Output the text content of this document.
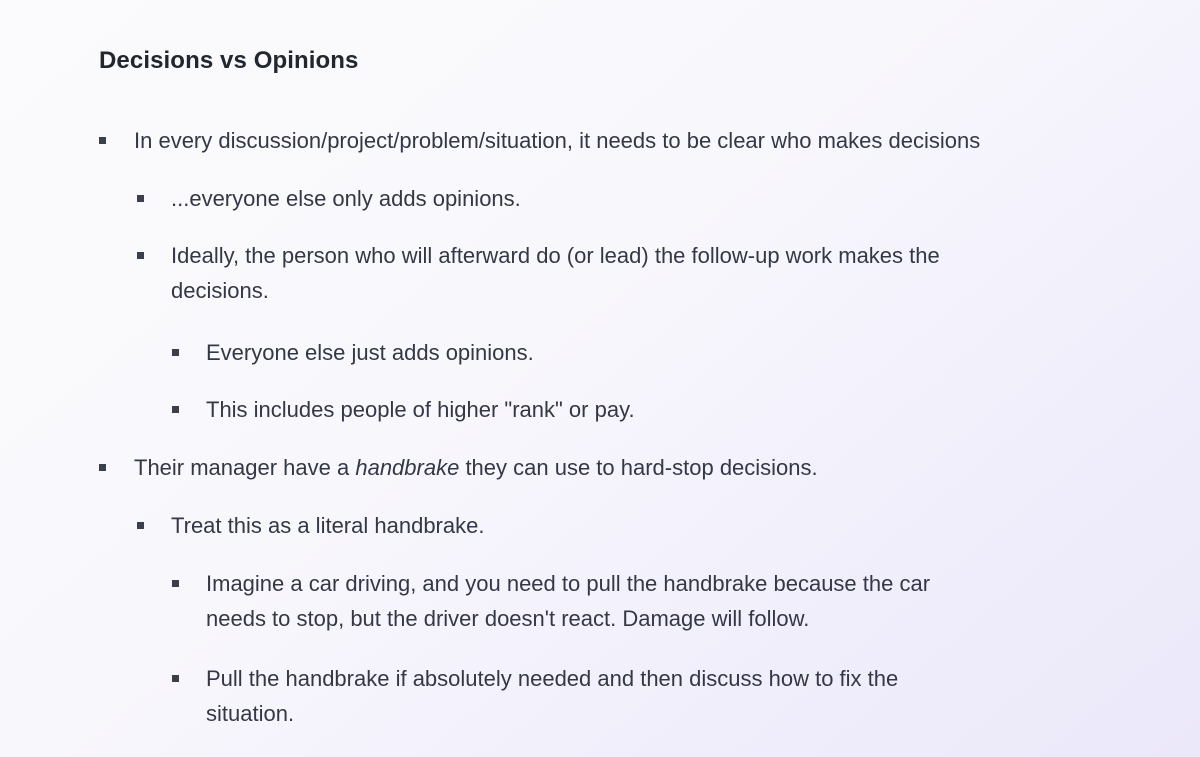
Decisions vs Opinions
In every discussion/project/problem/situation, it needs to be clear who makes decisions
...everyone else only adds opinions.
Ideally, the person who will afterward do (or lead) the follow-up work makes the decisions.
Everyone else just adds opinions.
This includes people of higher "rank" or pay.
Their manager have a handbrake they can use to hard-stop decisions.
Treat this as a literal handbrake.
Imagine a car driving, and you need to pull the handbrake because the car needs to stop, but the driver doesn't react. Damage will follow.
Pull the handbrake if absolutely needed and then discuss how to fix the situation.
